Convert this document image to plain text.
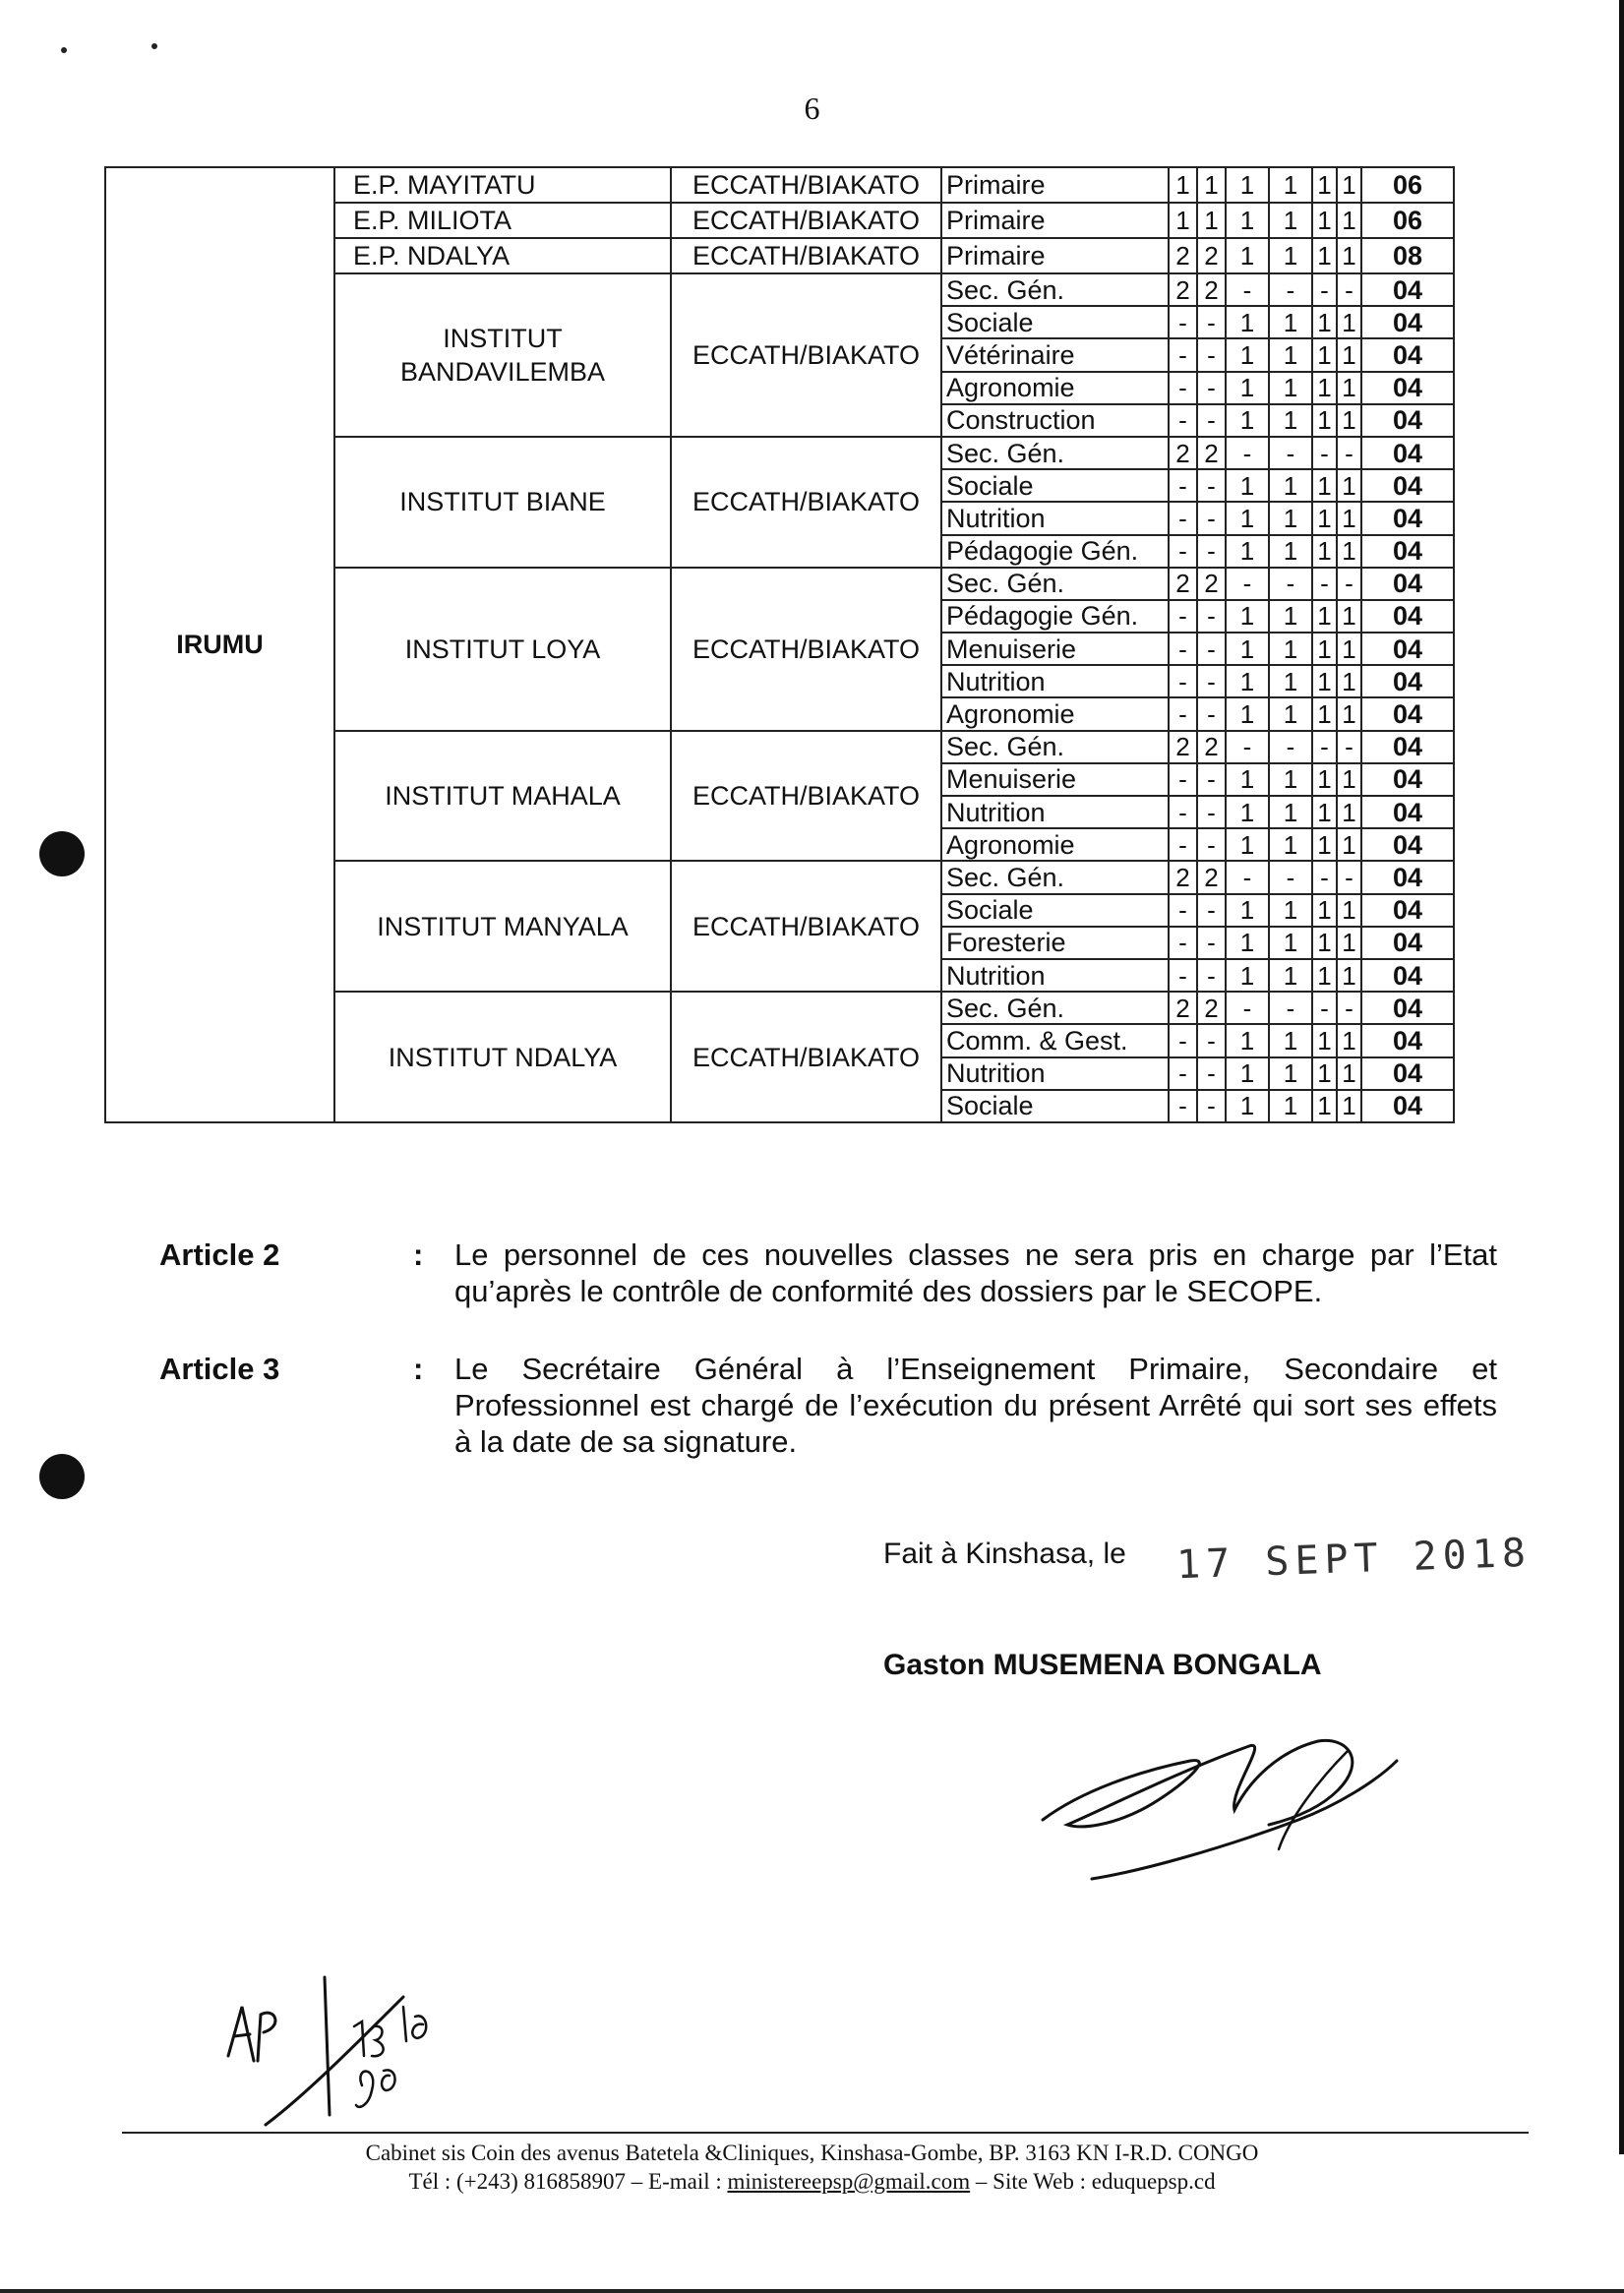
6
IRUMU	E.P. MAYITATU	ECCATH/BIAKATO	Primaire	1	1	1	1	1	1	06
	E.P. MILIOTA	ECCATH/BIAKATO	Primaire	1	1	1	1	1	1	06
	E.P. NDALYA	ECCATH/BIAKATO	Primaire	2	2	1	1	1	1	08
	INSTITUT BANDAVILEMBA	ECCATH/BIAKATO	Sec. Gén.	2	2	-	-	-	-	04
			Sociale	-	-	1	1	1	1	04
			Vétérinaire	-	-	1	1	1	1	04
			Agronomie	-	-	1	1	1	1	04
			Construction	-	-	1	1	1	1	04
	INSTITUT BIANE	ECCATH/BIAKATO	Sec. Gén.	2	2	-	-	-	-	04
			Sociale	-	-	1	1	1	1	04
			Nutrition	-	-	1	1	1	1	04
			Pédagogie Gén.	-	-	1	1	1	1	04
	INSTITUT LOYA	ECCATH/BIAKATO	Sec. Gén.	2	2	-	-	-	-	04
			Pédagogie Gén.	-	-	1	1	1	1	04
			Menuiserie	-	-	1	1	1	1	04
			Nutrition	-	-	1	1	1	1	04
			Agronomie	-	-	1	1	1	1	04
	INSTITUT MAHALA	ECCATH/BIAKATO	Sec. Gén.	2	2	-	-	-	-	04
			Menuiserie	-	-	1	1	1	1	04
			Nutrition	-	-	1	1	1	1	04
			Agronomie	-	-	1	1	1	1	04
	INSTITUT MANYALA	ECCATH/BIAKATO	Sec. Gén.	2	2	-	-	-	-	04
			Sociale	-	-	1	1	1	1	04
			Foresterie	-	-	1	1	1	1	04
			Nutrition	-	-	1	1	1	1	04
	INSTITUT NDALYA	ECCATH/BIAKATO	Sec. Gén.	2	2	-	-	-	-	04
			Comm. & Gest.	-	-	1	1	1	1	04
			Nutrition	-	-	1	1	1	1	04
			Sociale	-	-	1	1	1	1	04
Article 2	: Le personnel de ces nouvelles classes ne sera pris en charge par l’Etat qu’après le contrôle de conformité des dossiers par le SECOPE.
Article 3	: Le Secrétaire Général à l’Enseignement Primaire, Secondaire et Professionnel est chargé de l’exécution du présent Arrêté qui sort ses effets à la date de sa signature.
Fait à Kinshasa, le 17 SEPT 2018
Gaston MUSEMENA BONGALA
Cabinet sis Coin des avenus Batetela &Cliniques, Kinshasa-Gombe, BP. 3163 KN I-R.D. CONGO
Tél : (+243) 816858907 – E-mail : ministereepsp@gmail.com – Site Web : eduquepsp.cd
